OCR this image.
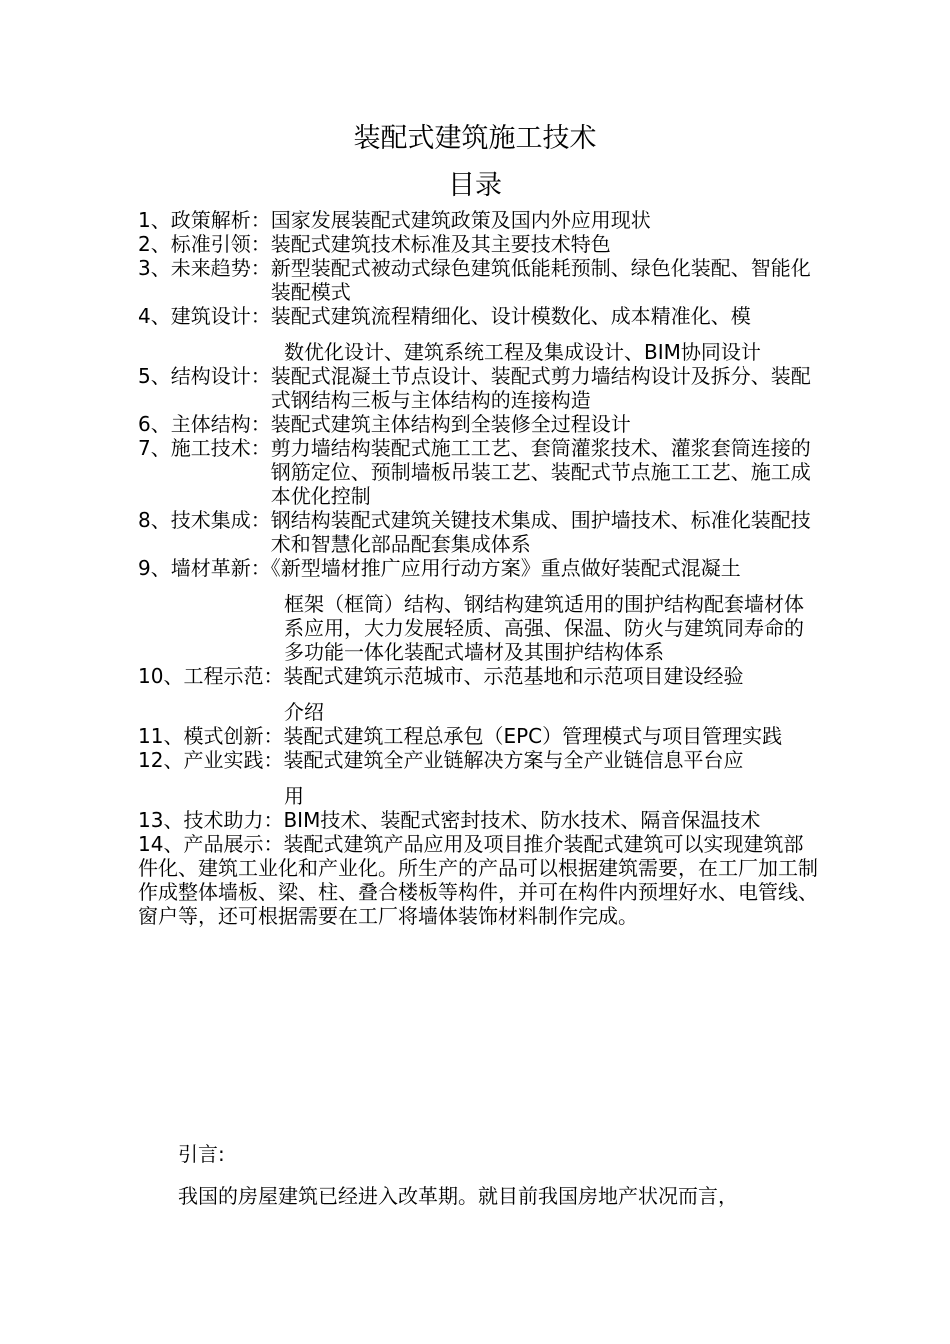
装配式建筑施工技术
目录
1、政策解析： 国家发展装配式建筑政策及国内外应用现状
2、标准引领： 装配式建筑技术标准及其主要技术特色
3、未来趋势： 新型装配式被动式绿色建筑低能耗预制、绿色化装配、智能化装配模式
4、建筑设计：装配式建筑流程精细化、设计模数化、成本精准化、模
数优化设计、建筑系统工程及集成设计、BIM协同设计
5、结构设计： 装配式混凝土节点设计、装配式剪力墙结构设计及拆分、装配式钢结构三板与主体结构的连接构造
6、主体结构： 装配式建筑主体结构到全装修全过程设计
7、施工技术： 剪力墙结构装配式施工工艺、套筒灌浆技术、灌浆套筒连接的钢筋定位、预制墙板吊装工艺、装配式节点施工工艺、施工成本优化控制
8、技术集成： 钢结构装配式建筑关键技术集成、围护墙技术、标准化装配技术和智慧化部品配套集成体系
9、墙材革新：《新型墙材推广应用行动方案》重点做好装配式混凝土
框架（框筒）结构、钢结构建筑适用的围护结构配套墙材体系应用，大力发展轻质、高强、保温、防火与建筑同寿命的多功能一体化装配式墙材及其围护结构体系
10、工程示范：装配式建筑示范城市、示范基地和示范项目建设经验
介绍
11、模式创新： 装配式建筑工程总承包（EPC）管理模式与项目管理实践
12、产业实践：装配式建筑全产业链解决方案与全产业链信息平台应
用
13、技术助力： BIM技术、装配式密封技术、防水技术、隔音保温技术
14、产品展示：装配式建筑产品应用及项目推介装配式建筑可以实现建筑部件化、建筑工业化和产业化。所生产的产品可以根据建筑需要，在工厂加工制作成整体墙板、梁、柱、叠合楼板等构件，并可在构件内预埋好水、电管线、窗户等，还可根据需要在工厂将墙体装饰材料制作完成。
引言:
我国的房屋建筑已经进入改革期。就目前我国房地产状况而言，
